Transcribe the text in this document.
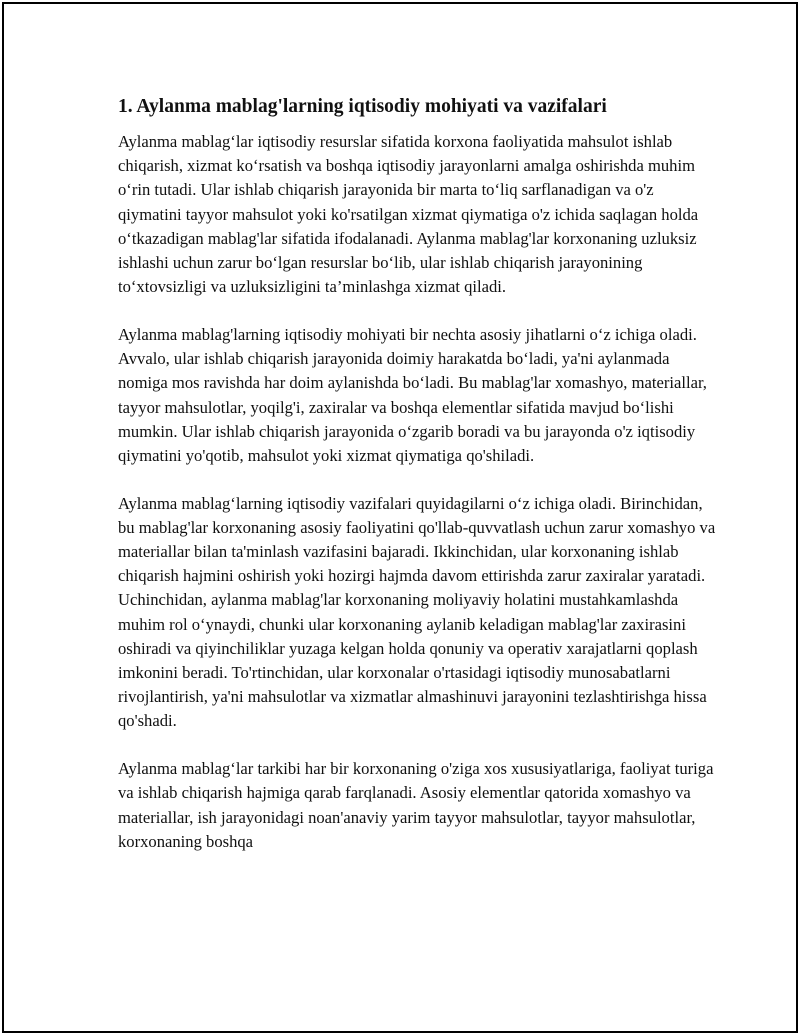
1. Aylanma mablag'larning iqtisodiy mohiyati va vazifalari

Aylanma mablag‘lar iqtisodiy resurslar sifatida korxona faoliyatida mahsulot ishlab chiqarish, xizmat ko‘rsatish va boshqa iqtisodiy jarayonlarni amalga oshirishda muhim o‘rin tutadi. Ular ishlab chiqarish jarayonida bir marta to‘liq sarflanadigan va o'z qiymatini tayyor mahsulot yoki ko'rsatilgan xizmat qiymatiga o'z ichida saqlagan holda o‘tkazadigan mablag'lar sifatida ifodalanadi. Aylanma mablag'lar korxonaning uzluksiz ishlashi uchun zarur bo‘lgan resurslar bo‘lib, ular ishlab chiqarish jarayonining to‘xtovsizligi va uzluksizligini ta’minlashga xizmat qiladi.

Aylanma mablag'larning iqtisodiy mohiyati bir nechta asosiy jihatlarni o‘z ichiga oladi. Avvalo, ular ishlab chiqarish jarayonida doimiy harakatda bo‘ladi, ya'ni aylanmada nomiga mos ravishda har doim aylanishda bo‘ladi. Bu mablag'lar xomashyo, materiallar, tayyor mahsulotlar, yoqilg'i, zaxiralar va boshqa elementlar sifatida mavjud bo‘lishi mumkin. Ular ishlab chiqarish jarayonida o‘zgarib boradi va bu jarayonda o'z iqtisodiy qiymatini yo'qotib, mahsulot yoki xizmat qiymatiga qo'shiladi.

Aylanma mablag‘larning iqtisodiy vazifalari quyidagilarni o‘z ichiga oladi. Birinchidan, bu mablag'lar korxonaning asosiy faoliyatini qo'llab-quvvatlash uchun zarur xomashyo va materiallar bilan ta'minlash vazifasini bajaradi. Ikkinchidan, ular korxonaning ishlab chiqarish hajmini oshirish yoki hozirgi hajmda davom ettirishda zarur zaxiralar yaratadi. Uchinchidan, aylanma mablag'lar korxonaning moliyaviy holatini mustahkamlashda muhim rol o‘ynaydi, chunki ular korxonaning aylanib keladigan mablag'lar zaxirasini oshiradi va qiyinchiliklar yuzaga kelgan holda qonuniy va operativ xarajatlarni qoplash imkonini beradi. To'rtinchidan, ular korxonalar o'rtasidagi iqtisodiy munosabatlarni rivojlantirish, ya'ni mahsulotlar va xizmatlar almashinuvi jarayonini tezlashtirishga hissa qo'shadi.

Aylanma mablag‘lar tarkibi har bir korxonaning o'ziga xos xususiyatlariga, faoliyat turiga va ishlab chiqarish hajmiga qarab farqlanadi. Asosiy elementlar qatorida xomashyo va materiallar, ish jarayonidagi noan'anaviy yarim tayyor mahsulotlar, tayyor mahsulotlar, korxonaning boshqa
